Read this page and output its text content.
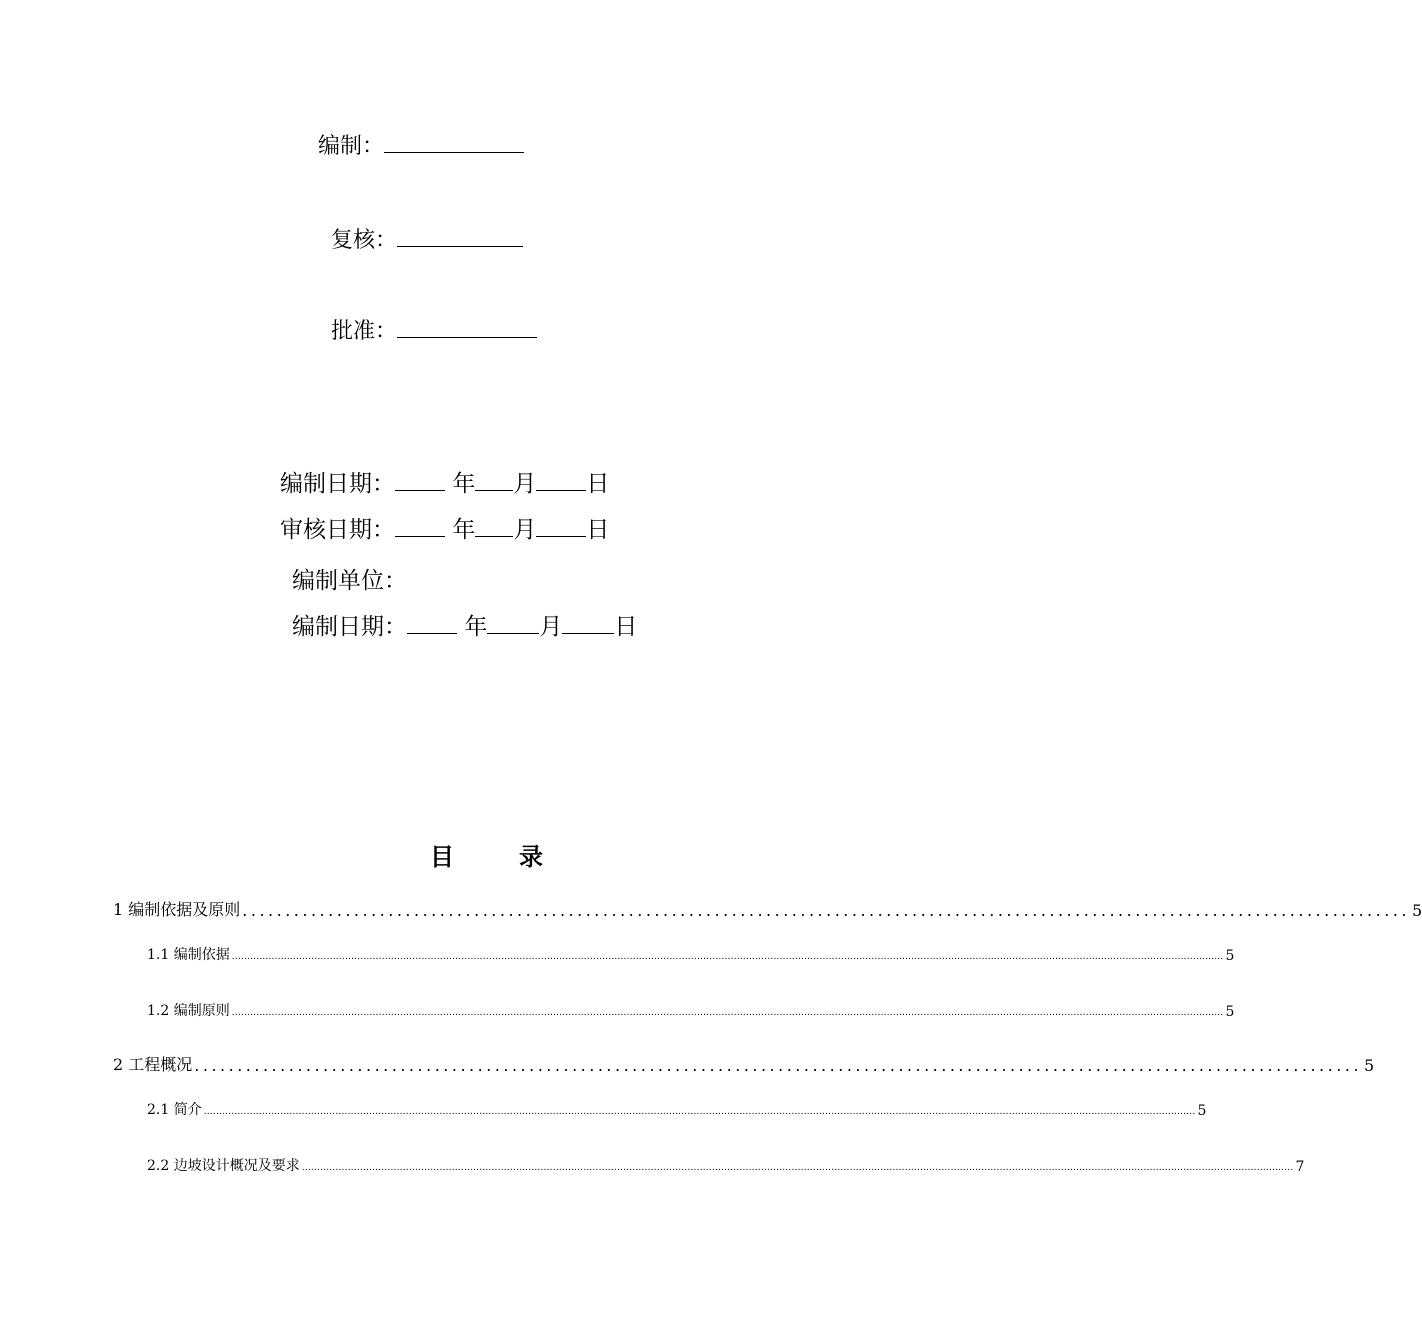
编制：
复核：
批准：
编制日期： 年 月 日
审核日期： 年 月 日
编制单位：
编制日期： 年 月 日
目	录
1 编制依据及原则 ........................................................................................................................................ 5
1.1 编制依据 .................................................................................................................................................................................................................................................................................................................................... 5
1.2 编制原则 .................................................................................................................................................................................................................................................................................................................................... 5
2 工程概况 ........................................................................................................................................ 5
2.1 简介 .................................................................................................................................................................................................................................................................................................................................... 5
2.2 边坡设计概况及要求 .................................................................................................................................................................................................................................................................................................................................... 7
